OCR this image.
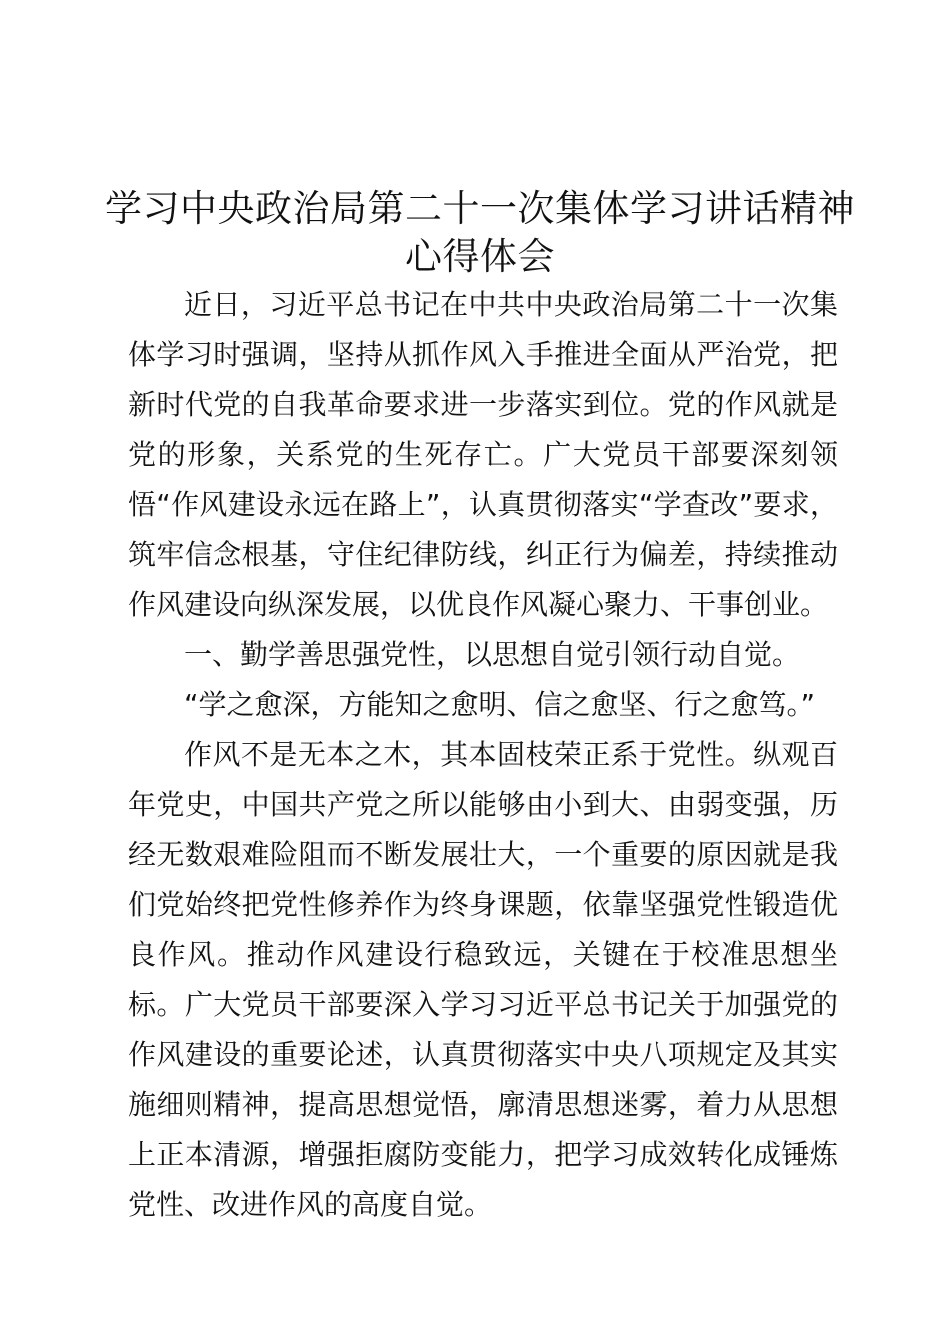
学习中央政治局第二十一次集体学习讲话精神
心得体会

近日，习近平总书记在中共中央政治局第二十一次集体学习时强调，坚持从抓作风入手推进全面从严治党，把新时代党的自我革命要求进一步落实到位。党的作风就是党的形象，关系党的生死存亡。广大党员干部要深刻领悟“作风建设永远在路上”，认真贯彻落实“学查改”要求，筑牢信念根基，守住纪律防线，纠正行为偏差，持续推动作风建设向纵深发展，以优良作风凝心聚力、干事创业。

一、勤学善思强党性，以思想自觉引领行动自觉。

“学之愈深，方能知之愈明、信之愈坚、行之愈笃。”

作风不是无本之木，其本固枝荣正系于党性。纵观百年党史，中国共产党之所以能够由小到大、由弱变强，历经无数艰难险阻而不断发展壮大，一个重要的原因就是我们党始终把党性修养作为终身课题，依靠坚强党性锻造优良作风。推动作风建设行稳致远，关键在于校准思想坐标。广大党员干部要深入学习习近平总书记关于加强党的作风建设的重要论述，认真贯彻落实中央八项规定及其实施细则精神，提高思想觉悟，廓清思想迷雾，着力从思想上正本清源，增强拒腐防变能力，把学习成效转化成锤炼党性、改进作风的高度自觉。
